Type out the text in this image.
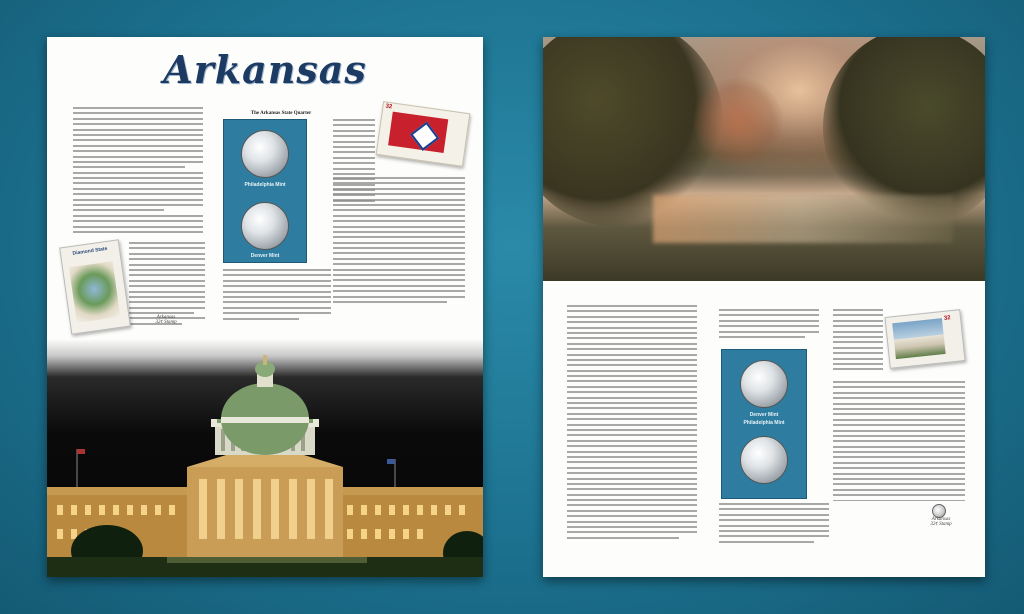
Arkansas
The Arkansas State Quarter
Philadelphia Mint
Denver Mint
32
Diamond State
Arkansas
32¢ Stamp
Denver Mint
Philadelphia Mint
32
Arkansas
32¢ Stamp
